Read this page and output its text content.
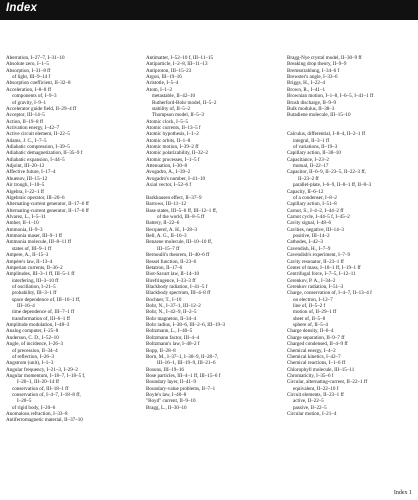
Index
Aberration, I–27–7, I–31–10
Absolute zero, I–1–5
Absorption, I–31–8 ff
of light, III–9–14 f
Absorption coefficient, II–32–8
Acceleration, I–8–8 ff
components of, I–9–3
of gravity, I–9–1
Accelerator guide field, II–29–4 ff
Acceptor, III–14–5
Action, II–19–8 ff
Activation energy, I–42–7
Active circuit element, II–22–5
Adams, J. C., I–7–5
Adiabatic compression, I–39–5
Adiabatic demagnetization, II–35–9 f
Adiabatic expansion, I–44–5
Adjoint, III–20–12
Affective future, I–17–4
Ahuenov, III–15–12
Air trough, I–10–5
Algebra, I–22–1 ff
Algebraic operator, III–20–6
Alternating-current generator, II–17–6 ff
Alternating-current generator, II–17–6 ff
Alvarez, L., I–5–11
Amber, II–1–10
Ammonia, II–9–3
Ammonia maser, III–9–1 ff
Ammonia molecule, III–8–11 ff
states of, III–9–1 ff
Ampere, A., II–15–3
Ampère's law, II–13–4
Amperian currents, II–36–2
Amplitudes, III–3–1 ff, III–5–1 ff
interfering, III–3–10 ff
of oscillation, I–21–5
probability, III–3–1 ff
space dependence of, III–16–1 ff,
III–16–4
time dependence of, III–7–1 ff
transformation of, III–6–1 ff
Amplitude modulation, I–48–3
Analog computer, I–25–8
Anderson, C. D., I–52–10
Angle, of incidence, I–26–3
of precession, II–34–4
of reflection, I–26–3
Angstrom (unit), I–1–3
Angular frequency, I–21–3, I–29–2
Angular momentum, I–18–7, I–18–5 f,
I–20–1, III–20–14 ff
conservation of, III–18–1 ff
conservation of, I–4–7, I–18–8 ff,
I–20–5
of rigid body, I–20–6
Anomalous refraction, I–33–8
Antiferromagnetic material, II–37–10
Antimatter, I–52–10 f, III–11–15
Antiparticle, I–2–8, III–11–13
Antiproton, III–15–23
Argon, III–19–16
Aristotle, I–5–4
Atom, I–1–2
metastable, II–42–10
Rutherford-Bohr model, II–5–2
stability of, II–5–2
Thompson model, II–5–3
Atomic clock, I–5–5
Atomic currents, II–13–5 f
Atomic hypothesis, I–1–2
Atomic orbits, II–1–8
Atomic motion, I–39–2 ff
Atomic polarizability, II–32–2
Atomic processes, I–1–5 f
Attenuation, I–30–8
Avogadro, A., I–39–2
Avogadro's number, I–41–10
Axial vector, I–52–6 f
Barkhausen effect, II–37–9
Barrows, III–11–12
Base states, III–5–6 ff, III–12–1 ff,
of the world, III–8–5 ff
Battery, II–22–6
Becquerel, A. H., I–28–3
Bell, A. G., II–16–3
Benzene molecule, III–10–10 ff,
III–15–7 ff
Bernoulli's theorem, II–40–6 ff
Bessel function, II–23–6
Betatron, II–17–6
Biot-Savart law, II–14–10
Birefringence, I–33–3 ff
Blackbody radiation, I–41–5 f
Blackbody spectrum, III–4–8 ff
Bochner, T., I–10
Bohr, N., I–37–1, III–12–2
Bohr, N., I–42–9, II–2–5
Bohr magneton, II–34–4
Bohr radius, I–38–6, III–2–6, III–19–3
Boltzmann, L., I–40–5
Boltzmann factor, III–4–4
Boltzmann's law, I–40–2 f
Bopp, II–28–8
Born, M., I–37–1, I–38–9, II–28–7,
III–16–1, III–19–9, III–21–6
Bosons, III–19–16
Bose particles, III–4–1 ff, III–15–6 f
Boundary layer, II–41–9
Boundary-value problems, II–7–1
Boyle's law, I–40–8
"Boyd" current, II–9–10
Bragg, L., II–30–10
Bragg-Nye crystal model, II–30–9 ff
Breaking drop theory, II–9–9
Bremsstrahlung, I–34–6 f
Brewster's angle, I–33–6
Briggs, H., I–22–4
Brown, R., I–41–1
Brownian motion, I–1–8, I–6–5, I–41–1 ff
Brush discharge, II–9–9
Bulk modulus, II–38–3
Butadiene molecule, III–15–10
Calculus, differential, I–8–4, II–2–1 ff
integral, II–3–1 ff
of variations, II–19–3
Capillary action, II–38–10
Capacitance, I–23–2
mutual, II–22–17
Capacitor, II–6–9, II–23–5, II–22–3 ff,
II–23–2 ff
parallel-plate, I–6–9, II–8–1 ff, II–8–3
Capacity, II–6–12
of a condenser, I–8–2
Capillary action, I–51–8
Carnot, S., I–4–2, I–44–2 ff
Carnot cycle, I–44–5 f, I–45–2
Cavity signal, I–48–6
Cavities, negative, III–14–3
positive, III–14–2
Cathodes, I–42–3
Cavendish, H., I–7–9
Cavendish's experiment, I–7–9
Cavity resonator, II–23–1 ff
Center of mass, I–18–1 ff, I–19–1 ff
Centrifugal force, I–7–5, I–12–11
Cerenkov, P. A., I–34–2
Cerenkov radiation, I–51–3
Charge, conservation of, I–4–7, II–13–4 f
on electron, I–12–7
line of, II–5–2 f
motion of, II–29–1 ff
sheet of, II–5–8
sphere of, II–5–4
Charge density, II–6–4
Charge separation, II–9–7 ff
Charged condensed, II–4–9 ff
Chemical energy, I–4–2
Chemical kinetics, I–42–7
Chemical reactions, I–1–6 ff
Chlorophyll molecule, III–15–11
Chromaticity, I–35–6 f
Circular, alternating-current, II–22–1 ff
equivalent, II–22–10 f
Circuit elements, II–23–1 ff
active, II–22–5
passive, II–22–5
Circular motion, I–21–4
Index 1
